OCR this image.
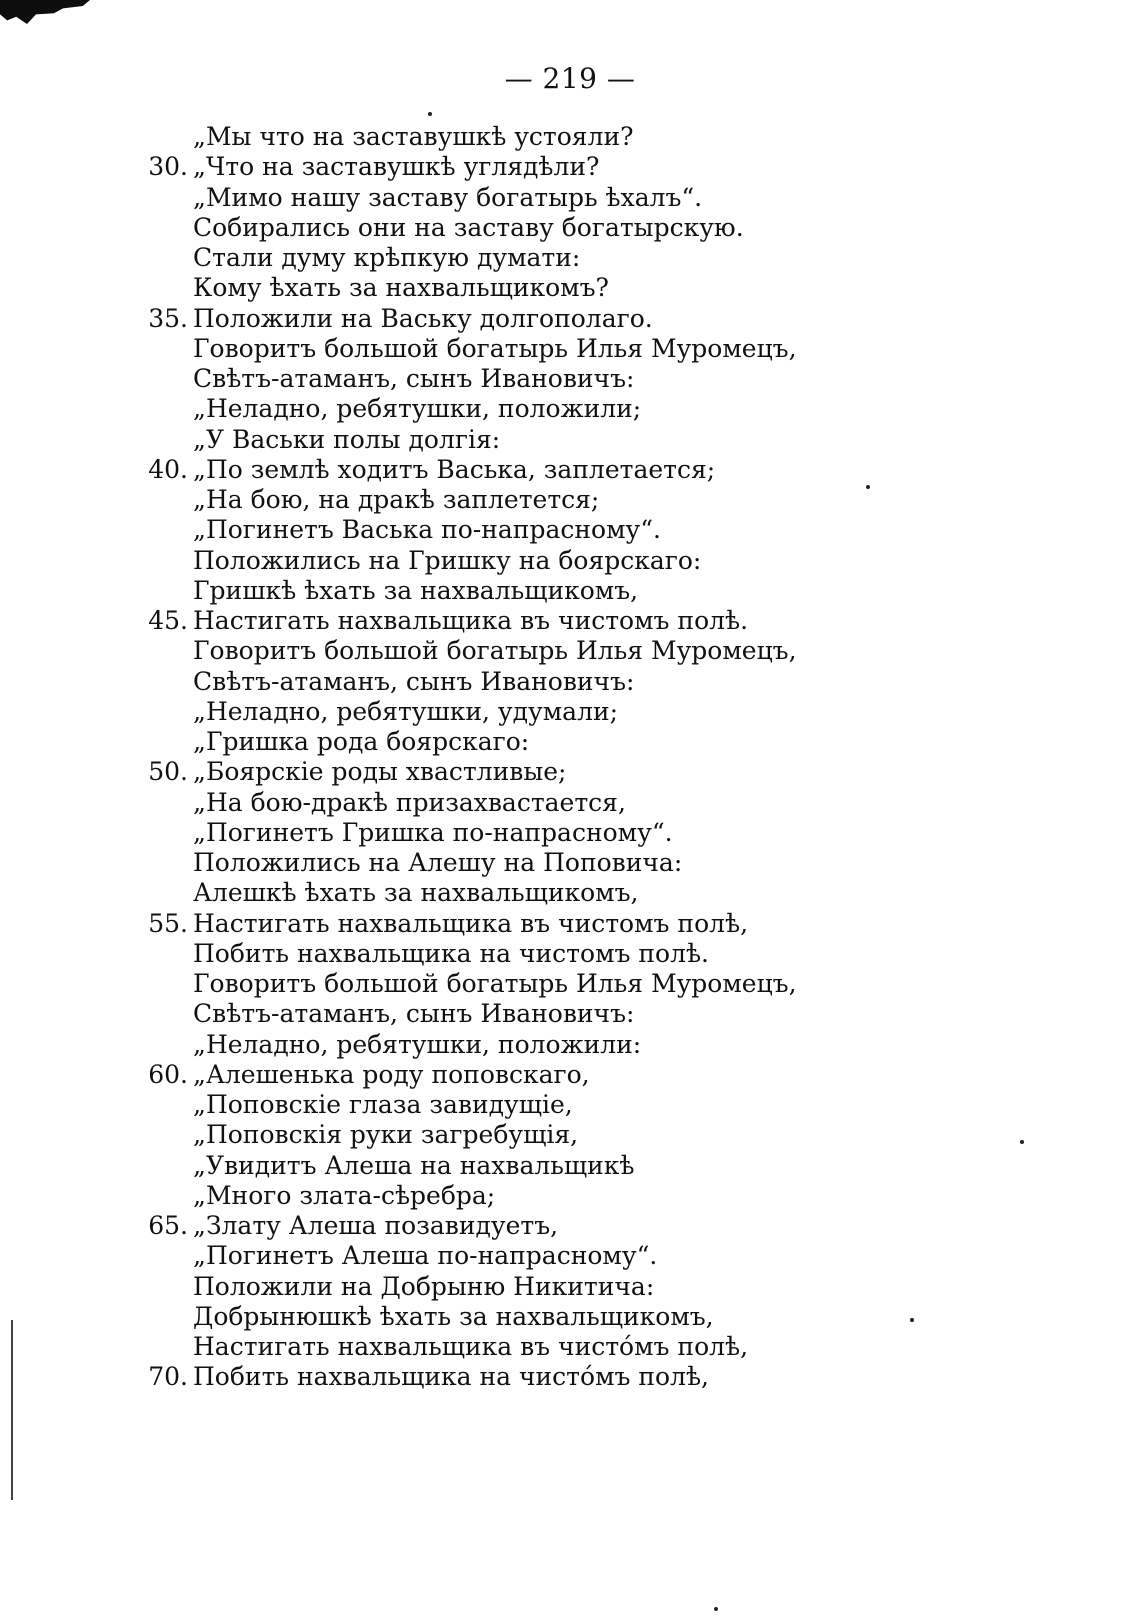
— 219 —
„Мы что на заставушкѣ устояли?
30. „Что на заставушкѣ углядѣли?
„Мимо нашу заставу богатырь ѣхалъ“.
Собирались они на заставу богатырскую.
Стали думу крѣпкую думати:
Кому ѣхать за нахвальщикомъ?
35. Положили на Ваську долгополаго.
Говоритъ большой богатырь Илья Муромецъ,
Свѣтъ-атаманъ, сынъ Ивановичъ:
„Неладно, ребятушки, положили;
„У Васьки полы долгія:
40. „По землѣ ходитъ Васька, заплетается;
„На бою, на дракѣ заплетется;
„Погинетъ Васька по-напрасному“.
Положились на Гришку на боярскаго:
Гришкѣ ѣхать за нахвальщикомъ,
45. Настигать нахвальщика въ чистомъ полѣ.
Говоритъ большой богатырь Илья Муромецъ,
Свѣтъ-атаманъ, сынъ Ивановичъ:
„Неладно, ребятушки, удумали;
„Гришка рода боярскаго:
50. „Боярскіе роды хвастливые;
„На бою-дракѣ призахвастается,
„Погинетъ Гришка по-напрасному“.
Положились на Алешу на Поповича:
Алешкѣ ѣхать за нахвальщикомъ,
55. Настигать нахвальщика въ чистомъ полѣ,
Побить нахвальщика на чистомъ полѣ.
Говоритъ большой богатырь Илья Муромецъ,
Свѣтъ-атаманъ, сынъ Ивановичъ:
„Неладно, ребятушки, положили:
60. „Алешенька роду поповскаго,
„Поповскіе глаза завидущіе,
„Поповскія руки загребущія,
„Увидитъ Алеша на нахвальщикѣ
„Много злата-сѣребра;
65. „Злату Алеша позавидуетъ,
„Погинетъ Алеша по-напрасному“.
Положили на Добрыню Никитича:
Добрынюшкѣ ѣхать за нахвальщикомъ,
Настигать нахвальщика въ чистóмъ полѣ,
70. Побить нахвальщика на чистóмъ полѣ,
